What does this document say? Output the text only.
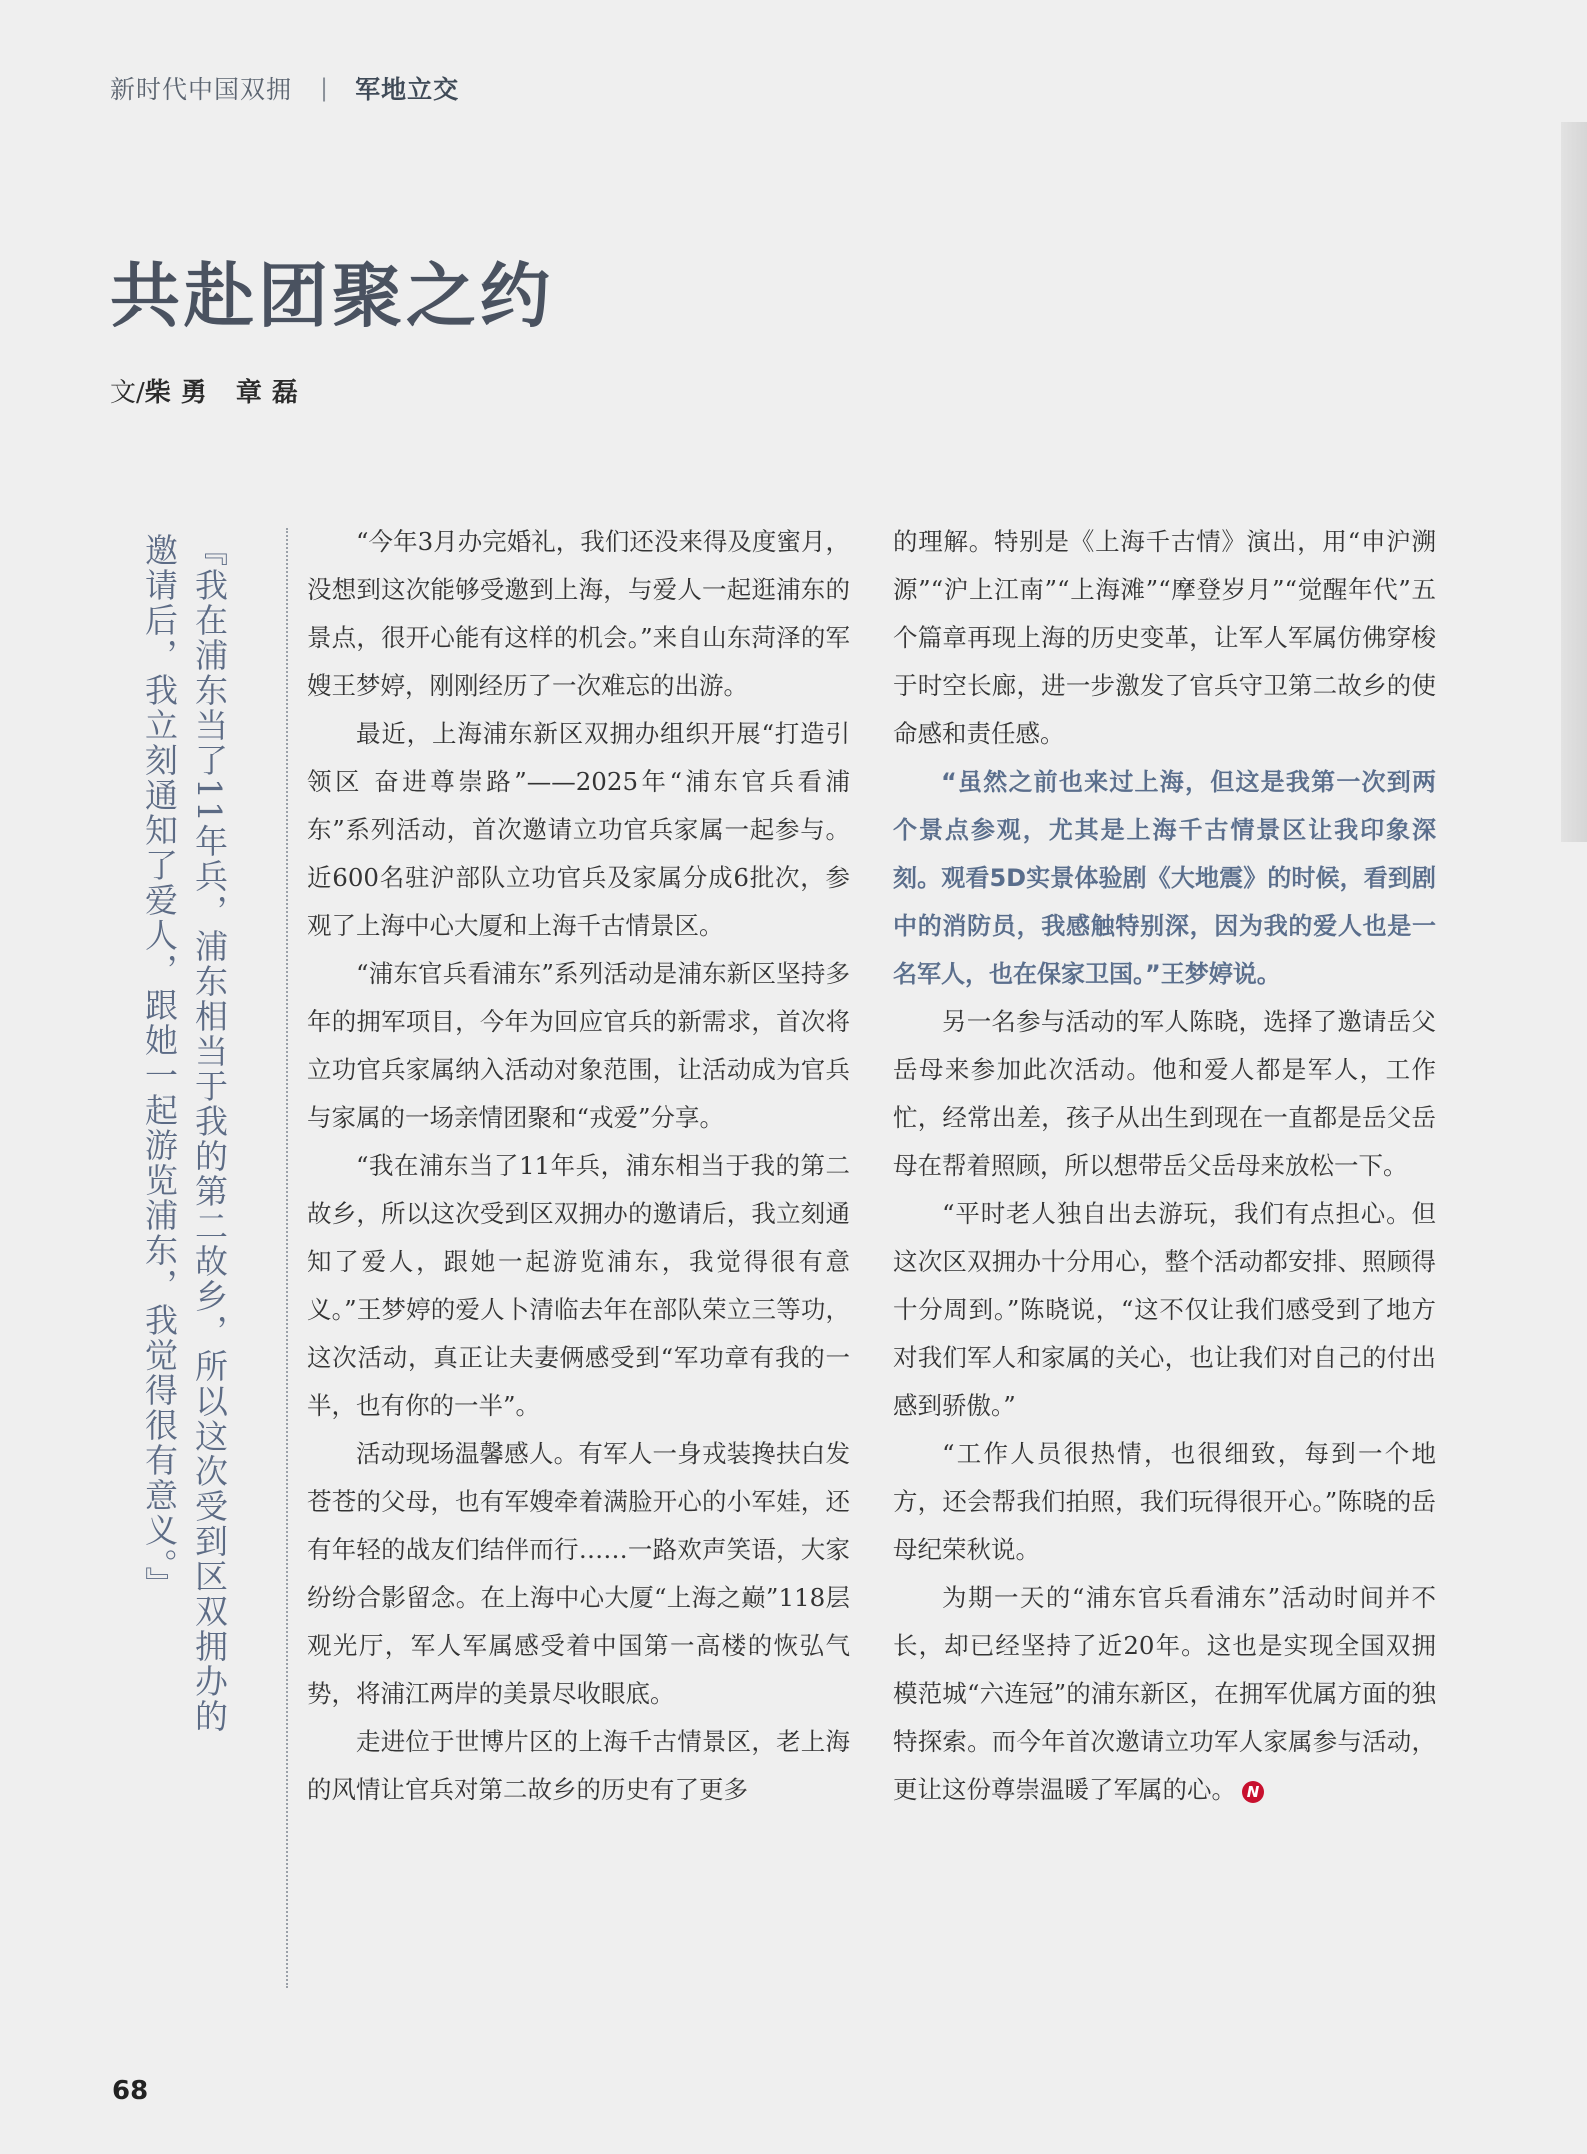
新时代中国双拥 | 军地立交
共赴团聚之约
文/柴勇 章磊
『我在浦东当了11年兵，浦东相当于我的第二故乡，所以这次受到区双拥办的邀请后，我立刻通知了爱人，跟她一起游览浦东，我觉得很有意义。』	“今年3月办完婚礼，我们还没来得及度蜜月，没想到这次能够受邀到上海，与爱人一起逛浦东的景点，很开心能有这样的机会。”来自山东菏泽的军嫂王梦婷，刚刚经历了一次难忘的出游。

最近，上海浦东新区双拥办组织开展“打造引领区 奋进尊崇路”——2025年“浦东官兵看浦东”系列活动，首次邀请立功官兵家属一起参与。近600名驻沪部队立功官兵及家属分成6批次，参观了上海中心大厦和上海千古情景区。

“浦东官兵看浦东”系列活动是浦东新区坚持多年的拥军项目，今年为回应官兵的新需求，首次将立功官兵家属纳入活动对象范围，让活动成为官兵与家属的一场亲情团聚和“戎爱”分享。

“我在浦东当了11年兵，浦东相当于我的第二故乡，所以这次受到区双拥办的邀请后，我立刻通知了爱人，跟她一起游览浦东，我觉得很有意义。”王梦婷的爱人卜清临去年在部队荣立三等功，这次活动，真正让夫妻俩感受到“军功章有我的一半，也有你的一半”。

活动现场温馨感人。有军人一身戎装搀扶白发苍苍的父母，也有军嫂牵着满脸开心的小军娃，还有年轻的战友们结伴而行……一路欢声笑语，大家纷纷合影留念。在上海中心大厦“上海之巅”118层观光厅，军人军属感受着中国第一高楼的恢弘气势，将浦江两岸的美景尽收眼底。

走进位于世博片区的上海千古情景区，老上海的风情让官兵对第二故乡的历史有了更多

的理解。特别是《上海千古情》演出，用“申沪溯源”“沪上江南”“上海滩”“摩登岁月”“觉醒年代”五个篇章再现上海的历史变革，让军人军属仿佛穿梭于时空长廊，进一步激发了官兵守卫第二故乡的使命感和责任感。

“虽然之前也来过上海，但这是我第一次到两个景点参观，尤其是上海千古情景区让我印象深刻。观看5D实景体验剧《大地震》的时候，看到剧中的消防员，我感触特别深，因为我的爱人也是一名军人，也在保家卫国。”王梦婷说。

另一名参与活动的军人陈晓，选择了邀请岳父岳母来参加此次活动。他和爱人都是军人，工作忙，经常出差，孩子从出生到现在一直都是岳父岳母在帮着照顾，所以想带岳父岳母来放松一下。

“平时老人独自出去游玩，我们有点担心。但这次区双拥办十分用心，整个活动都安排、照顾得十分周到。”陈晓说，“这不仅让我们感受到了地方对我们军人和家属的关心，也让我们对自己的付出感到骄傲。”

“工作人员很热情，也很细致，每到一个地方，还会帮我们拍照，我们玩得很开心。”陈晓的岳母纪荣秋说。

为期一天的“浦东官兵看浦东”活动时间并不长，却已经坚持了近20年。这也是实现全国双拥模范城“六连冠”的浦东新区，在拥军优属方面的独特探索。而今年首次邀请立功军人家属参与活动，更让这份尊崇温暖了军属的心。 N

68
